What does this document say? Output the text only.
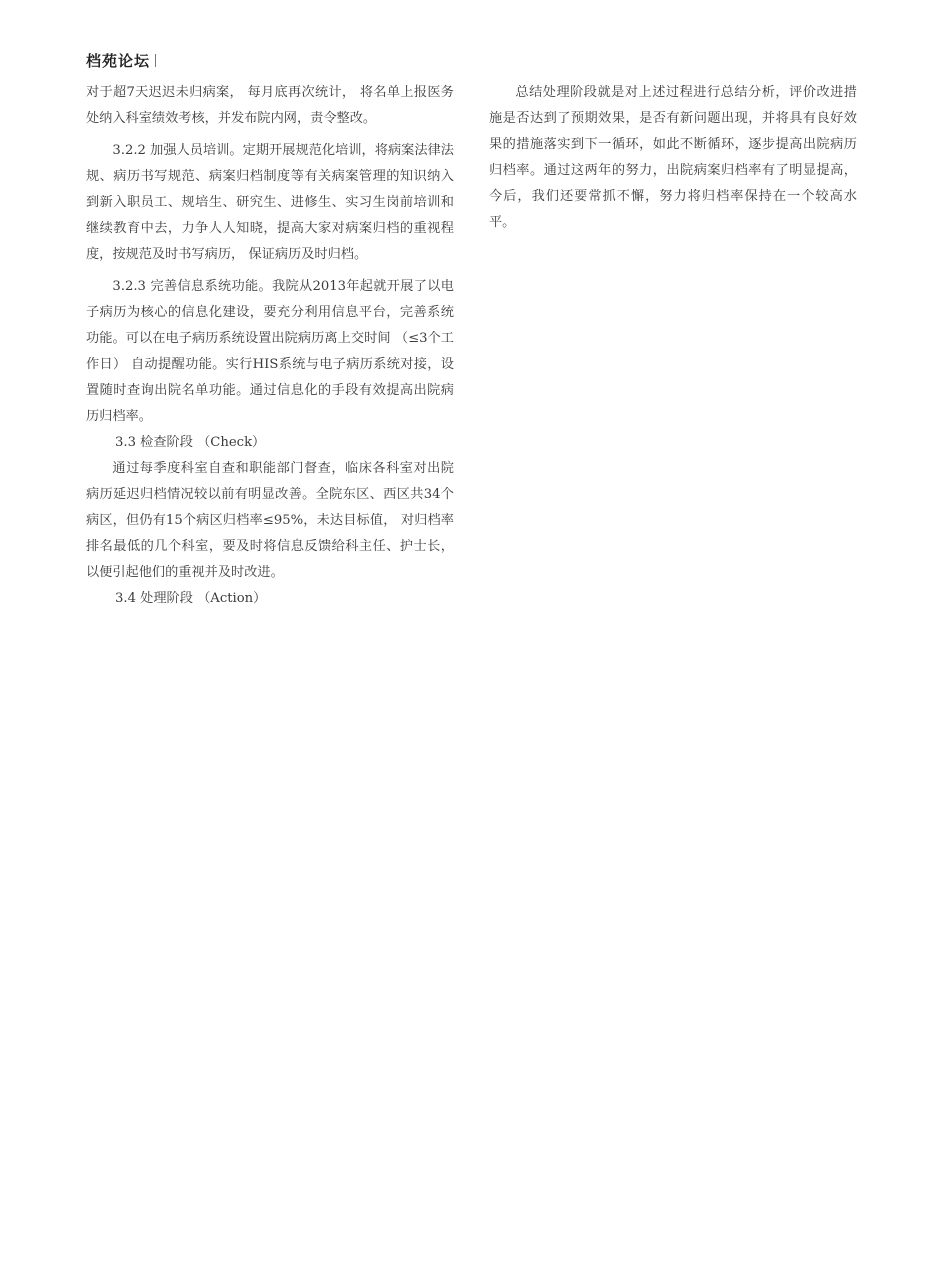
档苑论坛

对于超7天迟迟未归病案， 每月底再次统计， 将名单上报医务处纳入科室绩效考核，并发布院内网，责令整改。

3.2.2 加强人员培训。定期开展规范化培训，将病案法律法规、病历书写规范、病案归档制度等有关病案管理的知识纳入到新入职员工、规培生、研究生、进修生、实习生岗前培训和继续教育中去，力争人人知晓，提高大家对病案归档的重视程度，按规范及时书写病历， 保证病历及时归档。

3.2.3 完善信息系统功能。我院从2013年起就开展了以电子病历为核心的信息化建设，要充分利用信息平台，完善系统功能。可以在电子病历系统设置出院病历离上交时间 （≤3个工作日） 自动提醒功能。实行HIS系统与电子病历系统对接，设置随时查询出院名单功能。通过信息化的手段有效提高出院病历归档率。

3.3 检查阶段 （Check）

通过每季度科室自查和职能部门督查，临床各科室对出院病历延迟归档情况较以前有明显改善。全院东区、西区共34个病区，但仍有15个病区归档率≤95%，未达目标值， 对归档率排名最低的几个科室，要及时将信息反馈给科主任、护士长， 以便引起他们的重视并及时改进。

3.4 处理阶段 （Action）

总结处理阶段就是对上述过程进行总结分析，评价改进措施是否达到了预期效果，是否有新问题出现，并将具有良好效果的措施落实到下一循环，如此不断循环，逐步提高出院病历归档率。通过这两年的努力，出院病案归档率有了明显提高，今后，我们还要常抓不懈，努力将归档率保持在一个较高水平。
